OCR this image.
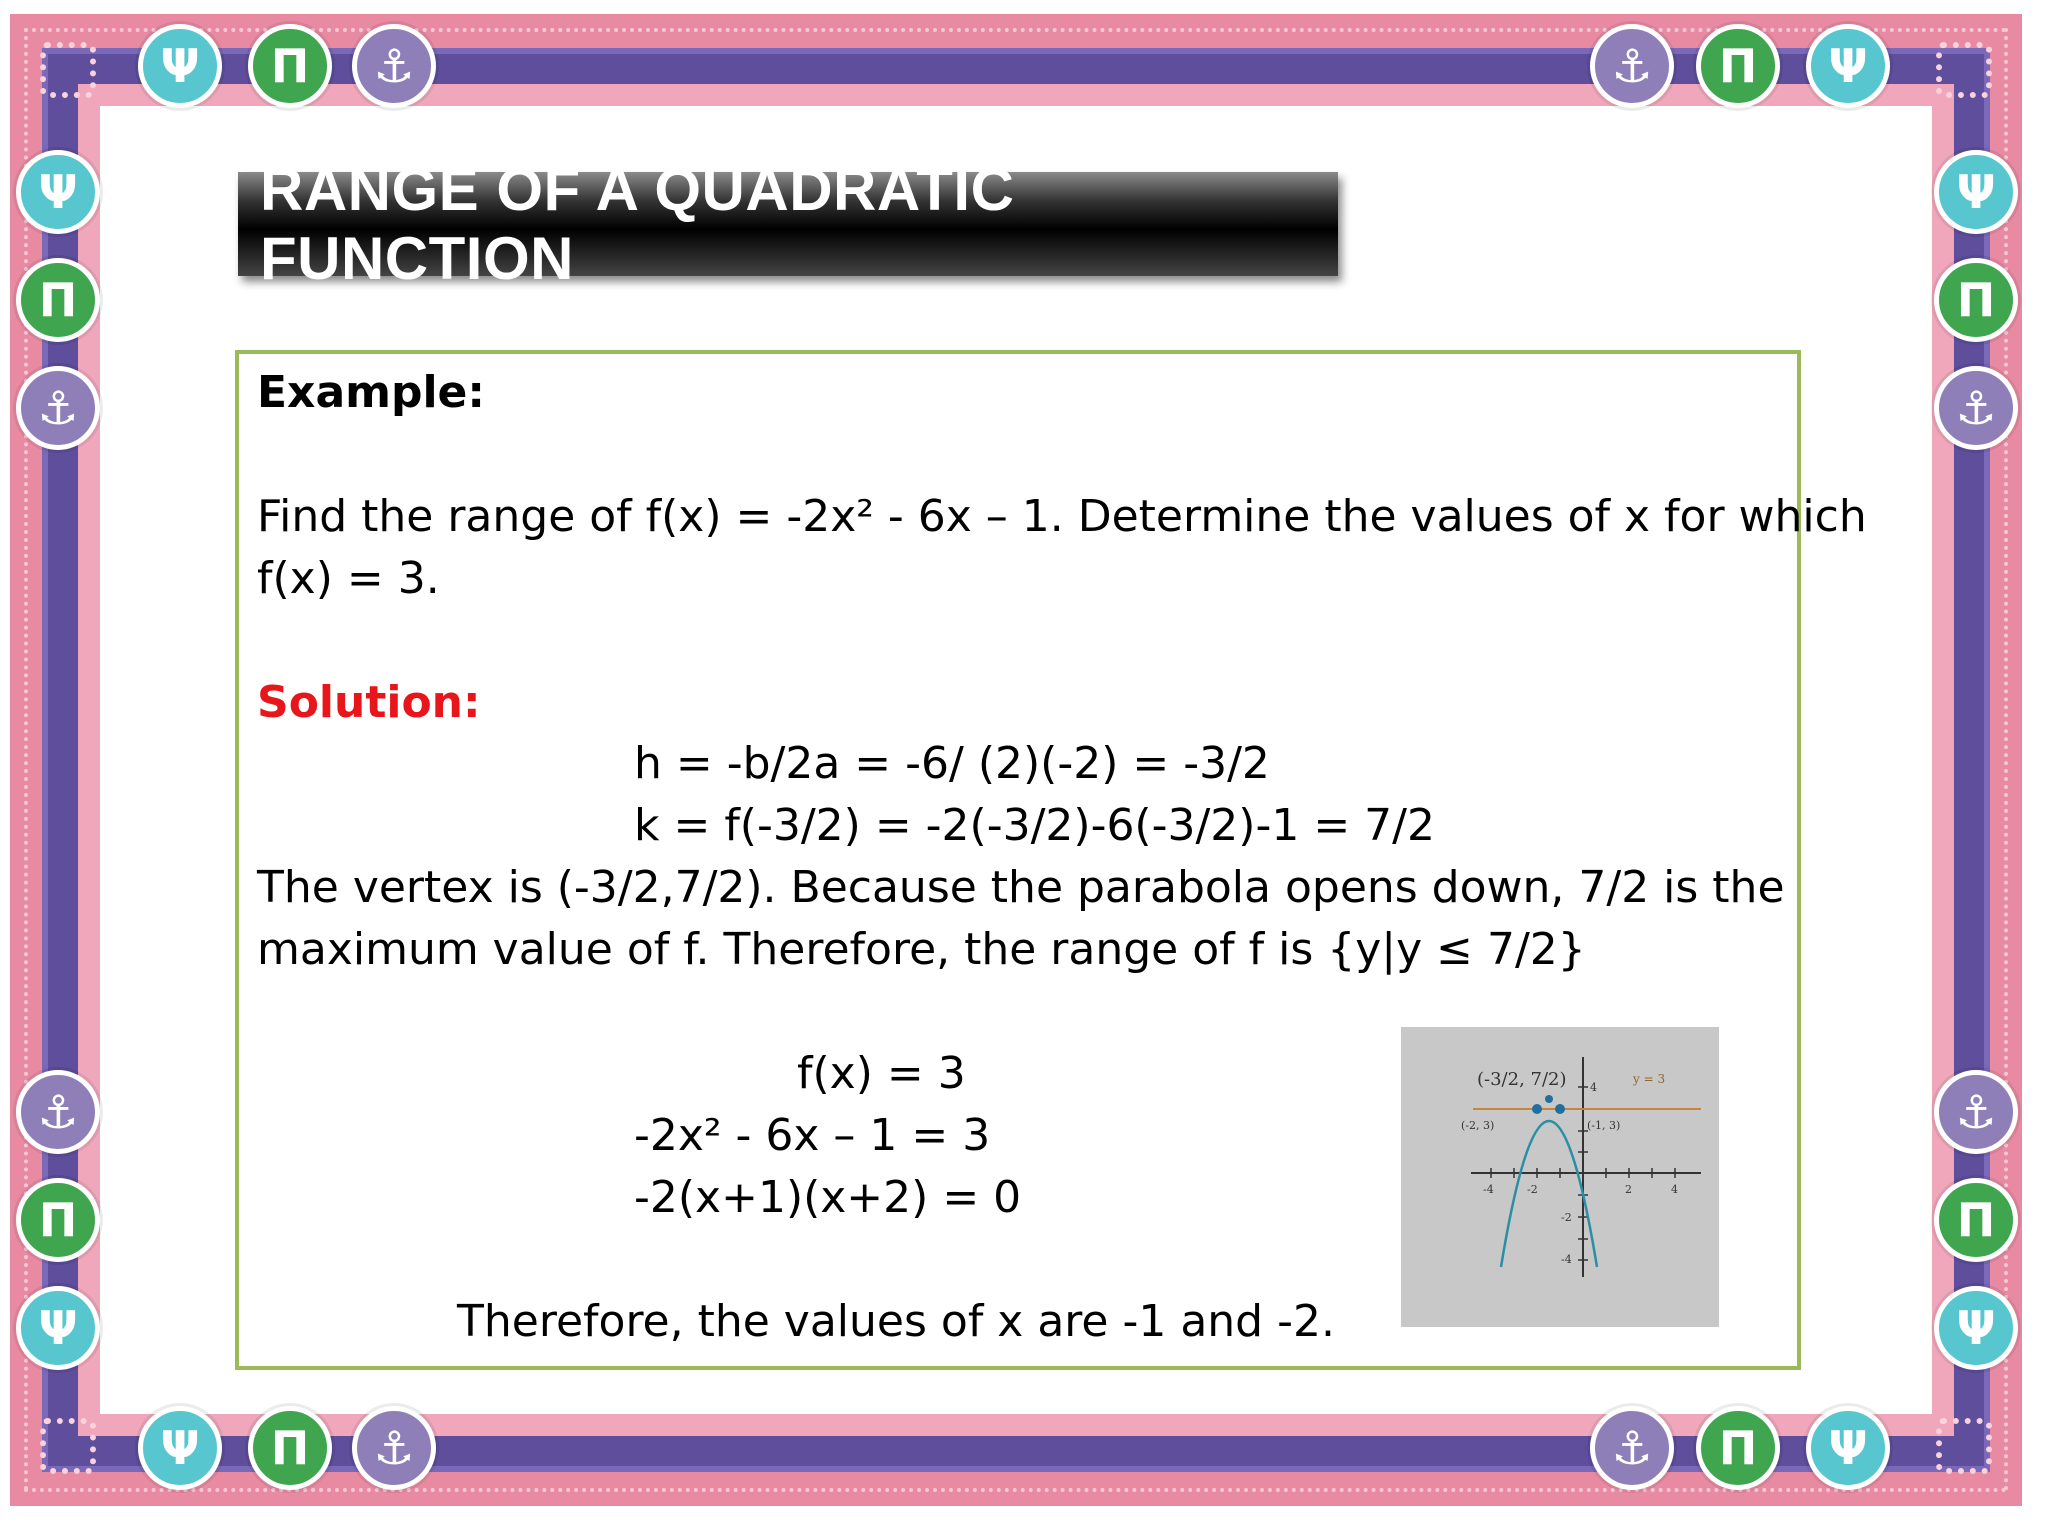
Ψ	Π	⚓	⚓	Π	Ψ
Ψ
Π
⚓
⚓
Π
Ψ
Ψ
Π
⚓
⚓
Π
Ψ
Ψ	Π	⚓	⚓	Π	Ψ
RANGE OF A QUADRATIC FUNCTION
Example:
Find the range of f(x) = -2x² - 6x – 1. Determine the values of x for which
f(x) = 3.
Solution:
h = -b/2a = -6/ (2)(-2) = -3/2
k = f(-3/2) = -2(-3/2)-6(-3/2)-1 = 7/2
The vertex is (-3/2,7/2). Because the parabola opens down, 7/2 is the
maximum value of f. Therefore, the range of f is {y|y ≤ 7/2}
f(x) = 3
-2x² - 6x – 1 = 3
-2(x+1)(x+2) = 0
Therefore, the values of x are -1 and -2.
(-3/2, 7/2)	y = 3
(-2, 3)	(-1, 3)
-4	-2	2	4
4
-2
-4
